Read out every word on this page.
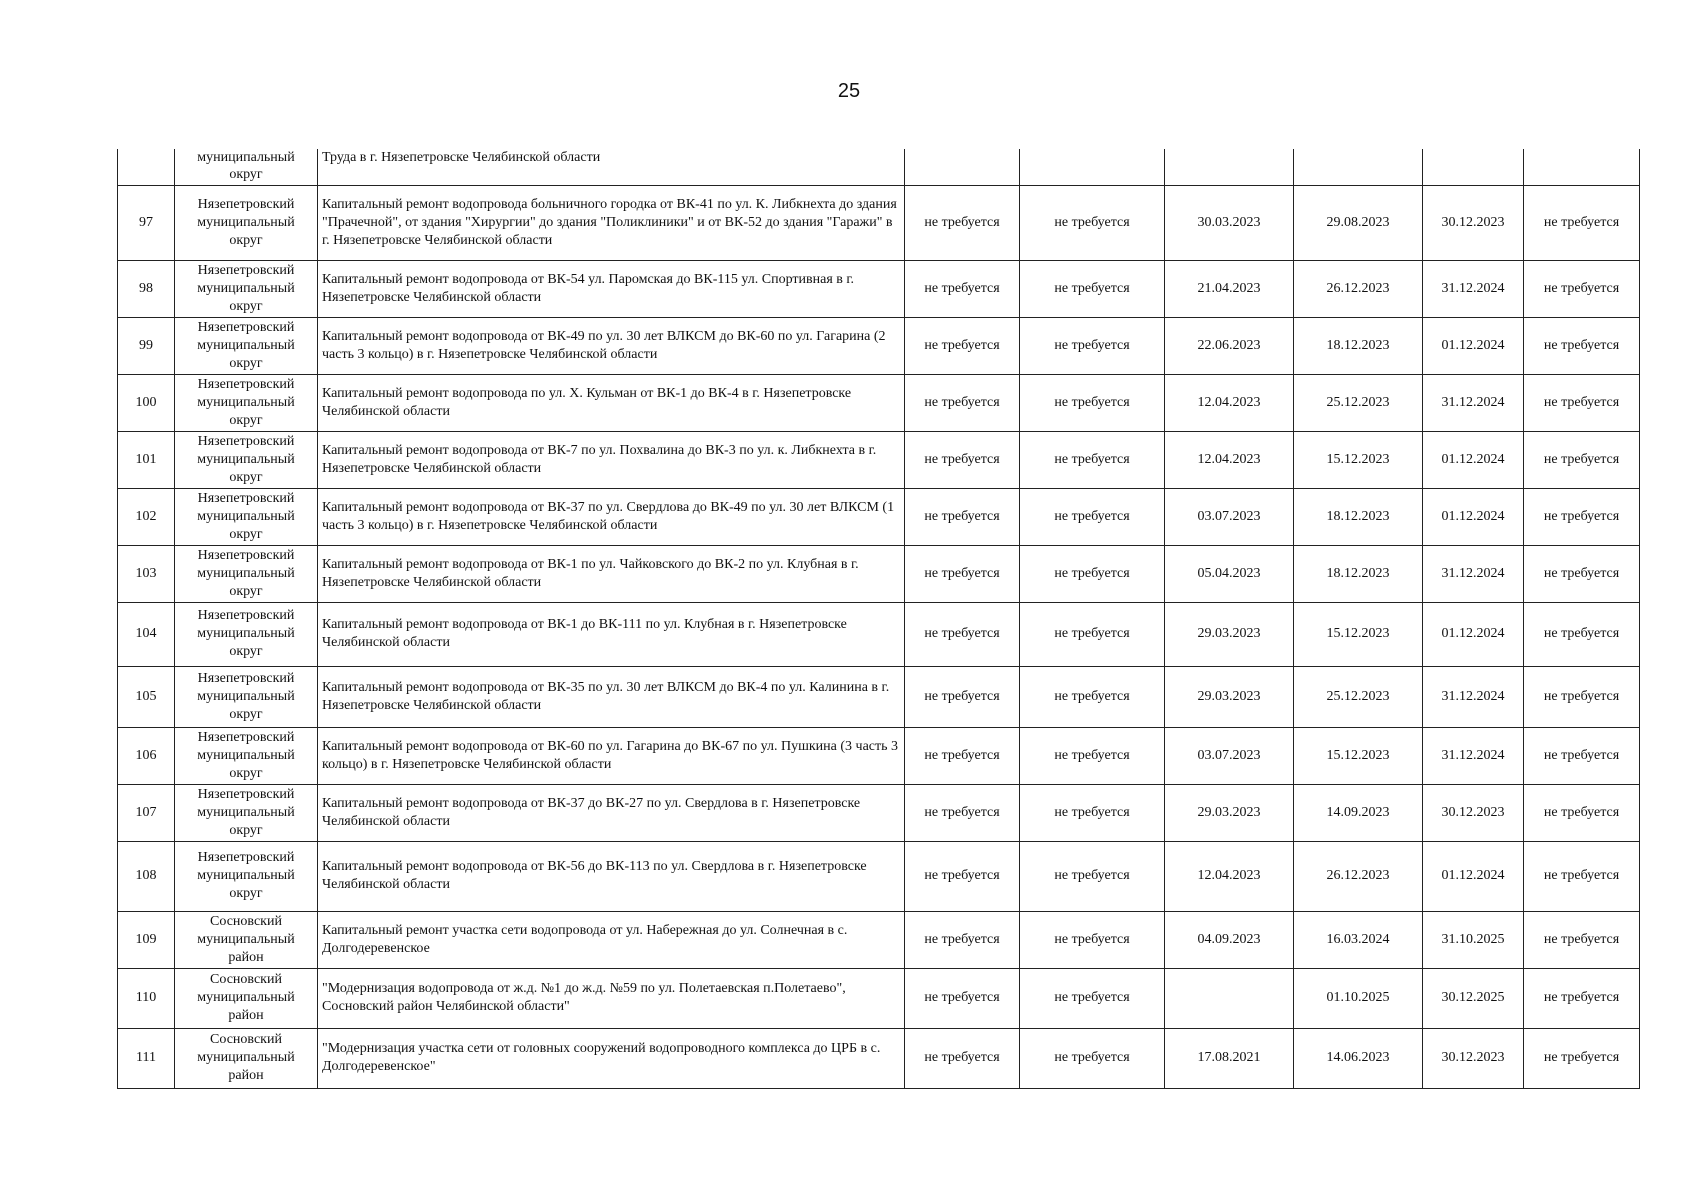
25
	муниципальный округ	Труда в г. Нязепетровске Челябинской области						
97	Нязепетровский муниципальный округ	Капитальный ремонт водопровода больничного городка от ВК-41 по ул. К. Либкнехта до здания "Прачечной", от здания "Хирургии" до здания "Поликлиники" и от ВК-52 до здания "Гаражи" в г. Нязепетровске Челябинской области	не требуется	не требуется	30.03.2023	29.08.2023	30.12.2023	не требуется
98	Нязепетровский муниципальный округ	Капитальный ремонт водопровода от ВК-54 ул. Паромская до ВК-115 ул. Спортивная в г. Нязепетровске Челябинской области	не требуется	не требуется	21.04.2023	26.12.2023	31.12.2024	не требуется
99	Нязепетровский муниципальный округ	Капитальный ремонт водопровода от ВК-49 по ул. 30 лет ВЛКСМ до ВК-60 по ул. Гагарина (2 часть 3 кольцо) в г. Нязепетровске Челябинской области	не требуется	не требуется	22.06.2023	18.12.2023	01.12.2024	не требуется
100	Нязепетровский муниципальный округ	Капитальный ремонт водопровода по ул. Х. Кульман от ВК-1 до ВК-4 в г. Нязепетровске Челябинской области	не требуется	не требуется	12.04.2023	25.12.2023	31.12.2024	не требуется
101	Нязепетровский муниципальный округ	Капитальный ремонт водопровода от ВК-7 по ул. Похвалина до ВК-3 по ул. к. Либкнехта в г. Нязепетровске Челябинской области	не требуется	не требуется	12.04.2023	15.12.2023	01.12.2024	не требуется
102	Нязепетровский муниципальный округ	Капитальный ремонт водопровода от ВК-37 по ул. Свердлова до ВК-49 по ул. 30 лет ВЛКСМ (1 часть 3 кольцо) в г. Нязепетровске Челябинской области	не требуется	не требуется	03.07.2023	18.12.2023	01.12.2024	не требуется
103	Нязепетровский муниципальный округ	Капитальный ремонт водопровода от ВК-1 по ул. Чайковского до ВК-2 по ул. Клубная в г. Нязепетровске Челябинской области	не требуется	не требуется	05.04.2023	18.12.2023	31.12.2024	не требуется
104	Нязепетровский муниципальный округ	Капитальный ремонт водопровода от ВК-1 до ВК-111 по ул. Клубная в г. Нязепетровске Челябинской области	не требуется	не требуется	29.03.2023	15.12.2023	01.12.2024	не требуется
105	Нязепетровский муниципальный округ	Капитальный ремонт водопровода от ВК-35 по ул. 30 лет ВЛКСМ до ВК-4 по ул. Калинина в г. Нязепетровске Челябинской области	не требуется	не требуется	29.03.2023	25.12.2023	31.12.2024	не требуется
106	Нязепетровский муниципальный округ	Капитальный ремонт водопровода от ВК-60 по ул. Гагарина до ВК-67 по ул. Пушкина (3 часть 3 кольцо) в г. Нязепетровске Челябинской области	не требуется	не требуется	03.07.2023	15.12.2023	31.12.2024	не требуется
107	Нязепетровский муниципальный округ	Капитальный ремонт водопровода от ВК-37 до ВК-27 по ул. Свердлова в г. Нязепетровске Челябинской области	не требуется	не требуется	29.03.2023	14.09.2023	30.12.2023	не требуется
108	Нязепетровский муниципальный округ	Капитальный ремонт водопровода от ВК-56 до ВК-113 по ул. Свердлова в г. Нязепетровске Челябинской области	не требуется	не требуется	12.04.2023	26.12.2023	01.12.2024	не требуется
109	Сосновский муниципальный район	Капитальный ремонт участка сети водопровода от ул. Набережная до ул. Солнечная в с. Долгодеревенское	не требуется	не требуется	04.09.2023	16.03.2024	31.10.2025	не требуется
110	Сосновский муниципальный район	"Модернизация водопровода от ж.д. №1 до ж.д. №59 по ул. Полетаевская п.Полетаево", Сосновский район Челябинской области"	не требуется	не требуется		01.10.2025	30.12.2025	не требуется
111	Сосновский муниципальный район	"Модернизация участка сети от головных сооружений водопроводного комплекса до ЦРБ в с. Долгодеревенское"	не требуется	не требуется	17.08.2021	14.06.2023	30.12.2023	не требуется
